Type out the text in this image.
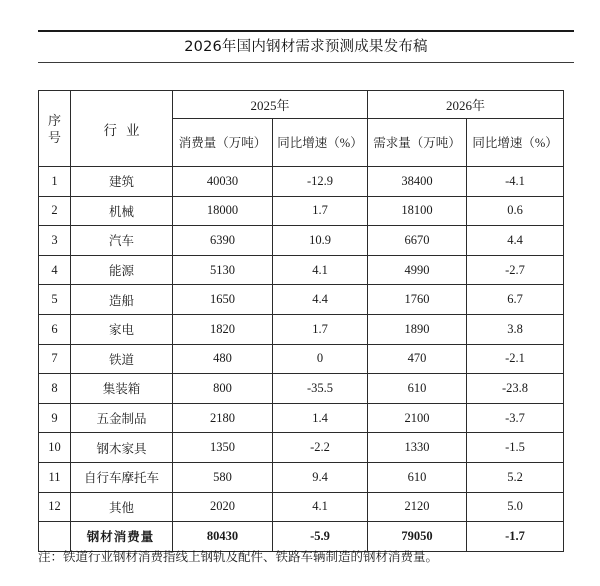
2026年国内钢材需求预测成果发布稿
序
号	行业	2025年		2026年	
		消费量（万吨）	同比增速（%）	需求量（万吨）	同比增速（%）
1	建筑	40030	-12.9	38400	-4.1
2	机械	18000	1.7	18100	0.6
3	汽车	6390	10.9	6670	4.4
4	能源	5130	4.1	4990	-2.7
5	造船	1650	4.4	1760	6.7
6	家电	1820	1.7	1890	3.8
7	铁道	480	0	470	-2.1
8	集装箱	800	-35.5	610	-23.8
9	五金制品	2180	1.4	2100	-3.7
10	钢木家具	1350	-2.2	1330	-1.5
11	自行车摩托车	580	9.4	610	5.2
12	其他	2020	4.1	2120	5.0
	钢材消费量	80430	-5.9	79050	-1.7
注：铁道行业钢材消费指线上钢轨及配件、铁路车辆制造的钢材消费量。
